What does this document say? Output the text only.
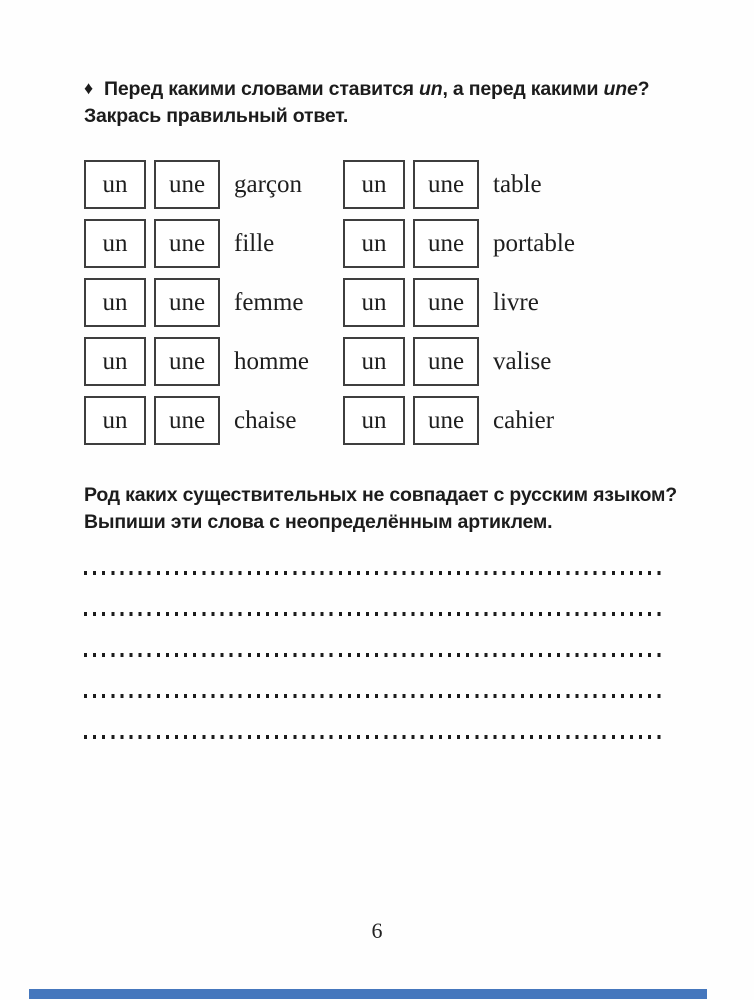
♦ Перед какими словами ставится un, а перед какими une?
Закрась правильный ответ.
un	une	garçon
un	une	fille
un	une	femme
un	une	homme
un	une	chaise
un	une	table
un	une	portable
un	une	livre
un	une	valise
un	une	cahier
Род каких существительных не совпадает с русским языком?
Выпиши эти слова с неопределённым артиклем.
6
